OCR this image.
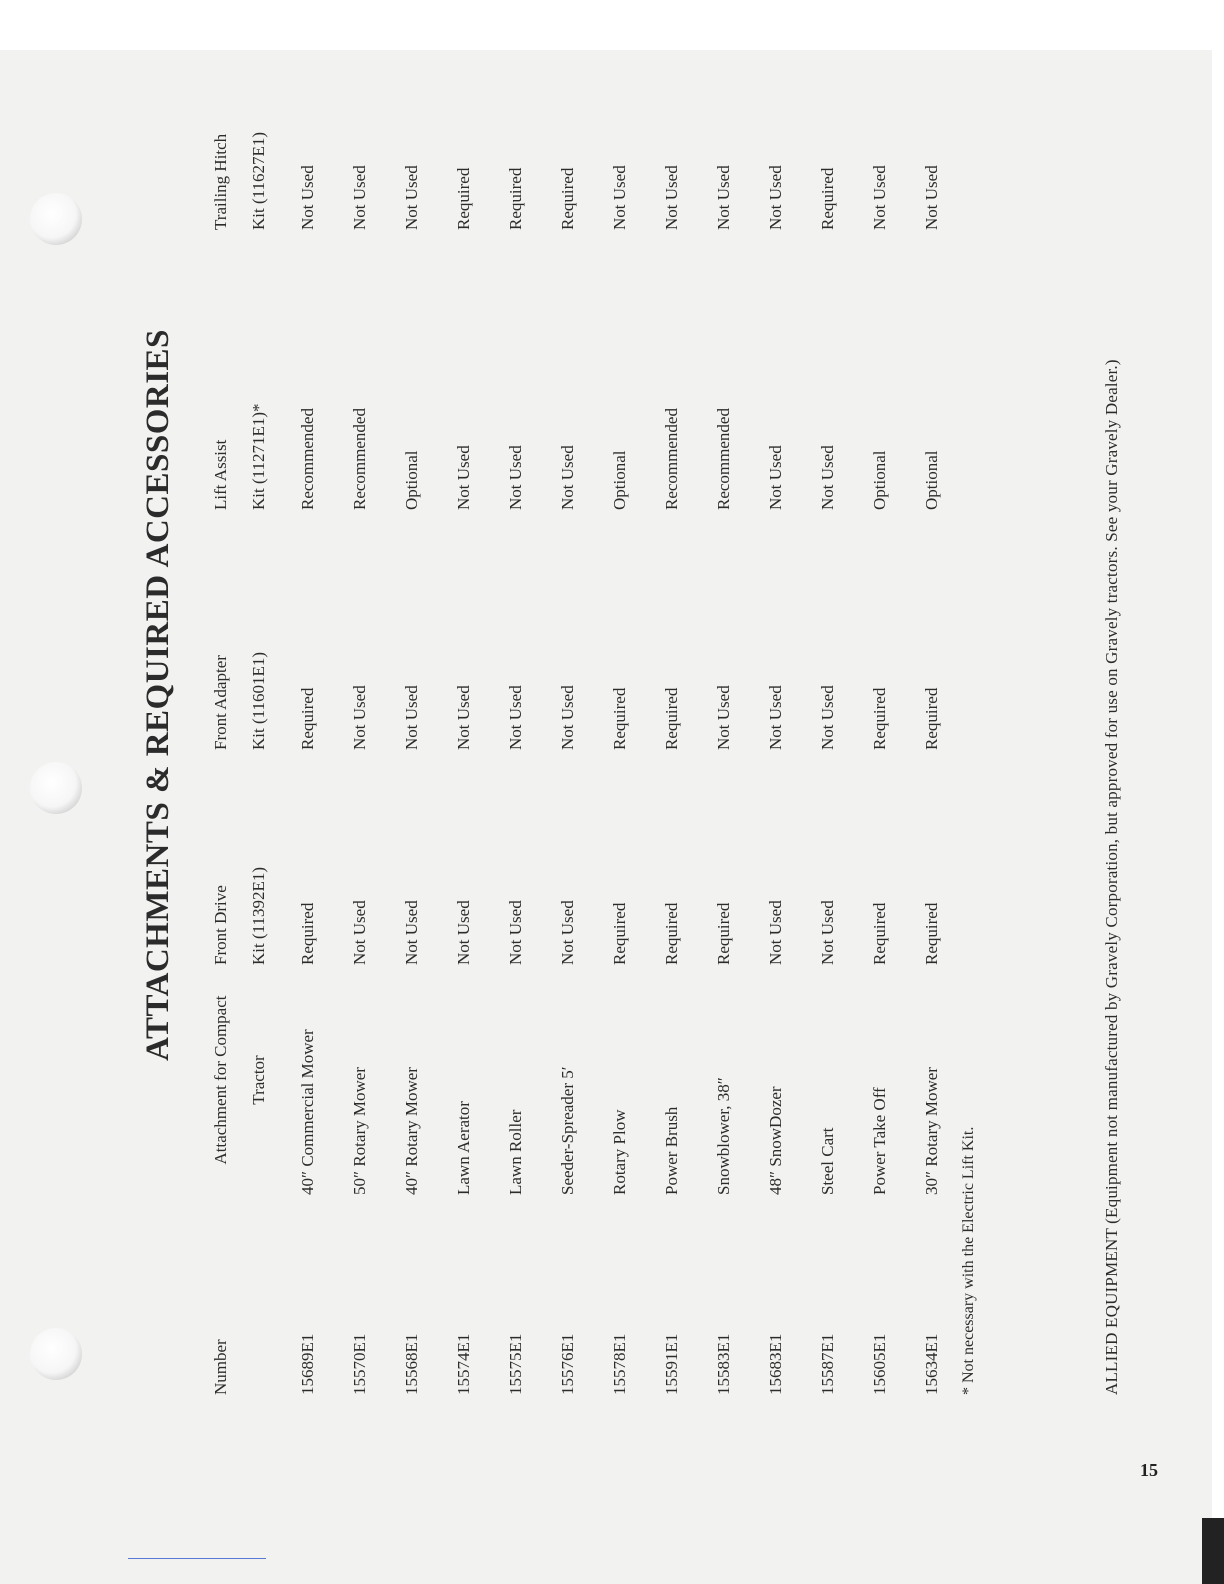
15
ATTACHMENTS & REQUIRED ACCESSORIES
Number	Attachment for Compact Tractor	Front Drive Kit (11392E1)	Front Adapter Kit (11601E1)	Lift Assist Kit (11271E1)*	Trailing Hitch Kit (11627E1)
15689E1	40″ Commercial Mower	Required	Required	Recommended	Not Used
15570E1	50″ Rotary Mower	Not Used	Not Used	Recommended	Not Used
15568E1	40″ Rotary Mower	Not Used	Not Used	Optional	Not Used
15574E1	Lawn Aerator	Not Used	Not Used	Not Used	Required
15575E1	Lawn Roller	Not Used	Not Used	Not Used	Required
15576E1	Seeder-Spreader 5′	Not Used	Not Used	Not Used	Required
15578E1	Rotary Plow	Required	Required	Optional	Not Used
15591E1	Power Brush	Required	Required	Recommended	Not Used
15583E1	Snowblower, 38″	Required	Not Used	Recommended	Not Used
15683E1	48″ SnowDozer	Not Used	Not Used	Not Used	Not Used
15587E1	Steel Cart	Not Used	Not Used	Not Used	Required
15605E1	Power Take Off	Required	Required	Optional	Not Used
15634E1	30″ Rotary Mower	Required	Required	Optional	Not Used
* Not necessary with the Electric Lift Kit.	ALLIED EQUIPMENT (Equipment not manufactured by Gravely Corporation, but approved for use on Gravely tractors. See your Gravely Dealer.)
